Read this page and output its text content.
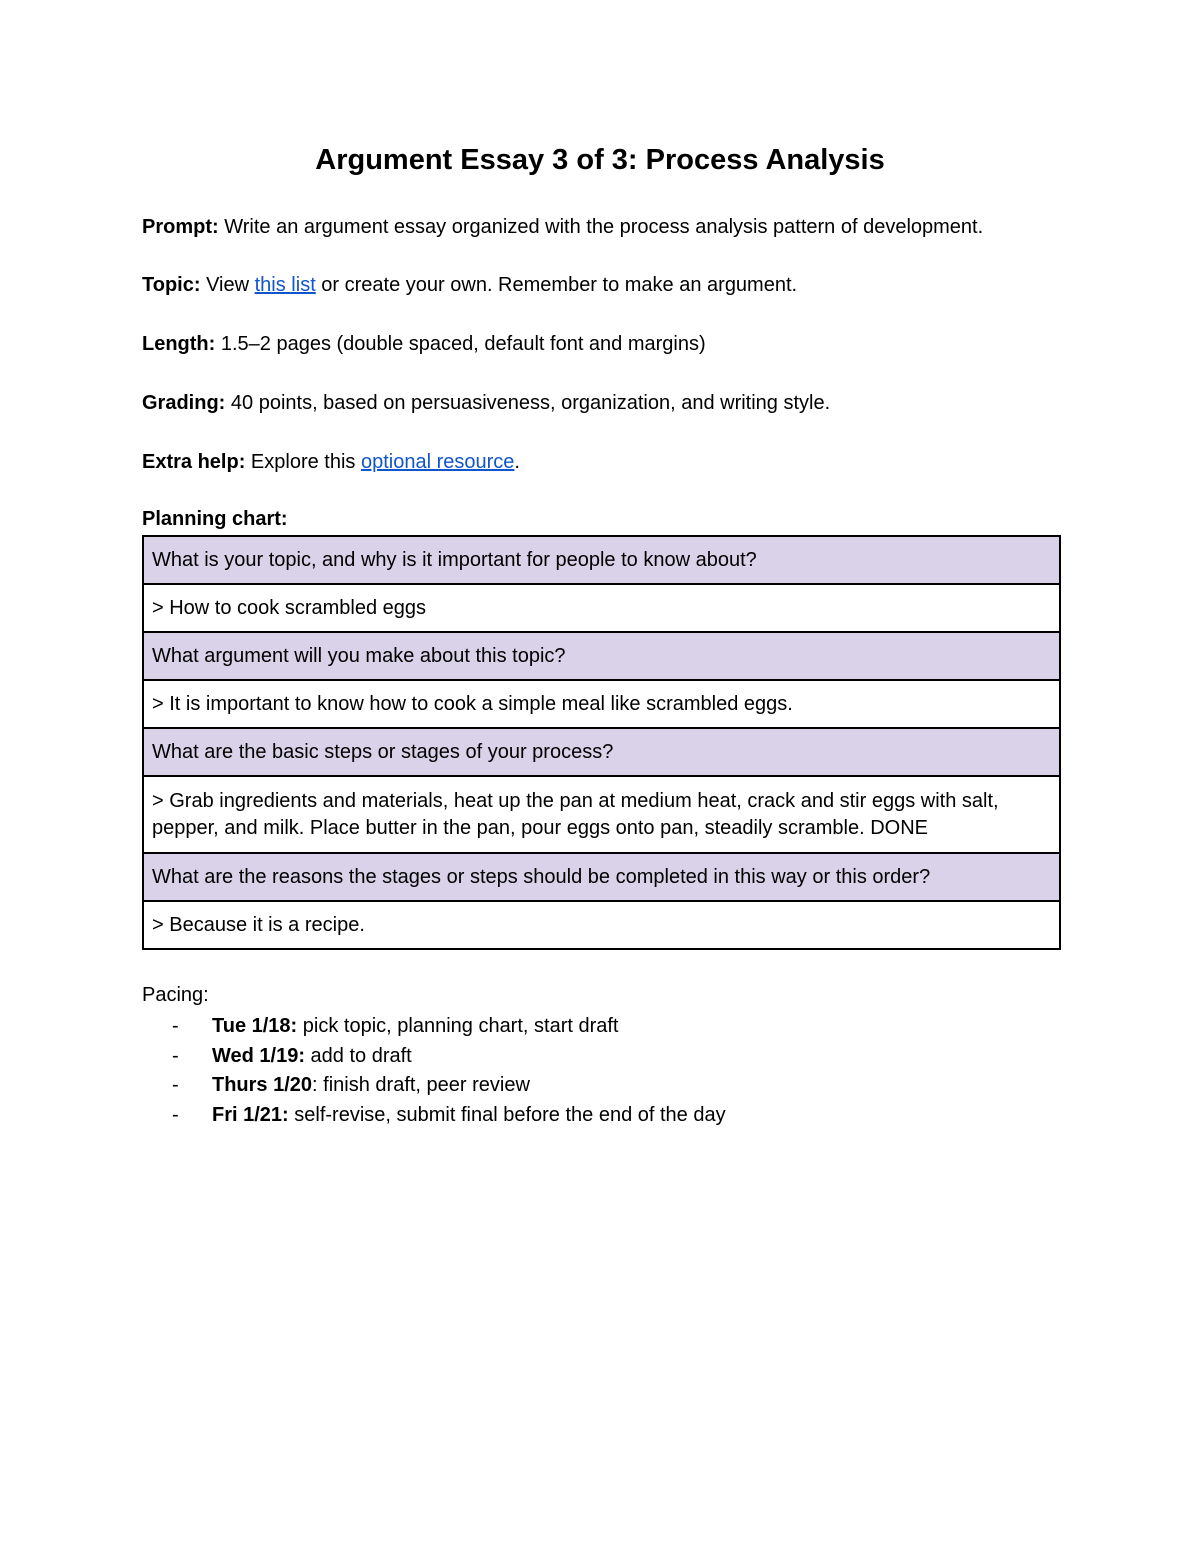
Argument Essay 3 of 3: Process Analysis

Prompt: Write an argument essay organized with the process analysis pattern of development.

Topic: View this list or create your own. Remember to make an argument.

Length: 1.5–2 pages (double spaced, default font and margins)

Grading: 40 points, based on persuasiveness, organization, and writing style.

Extra help: Explore this optional resource.

Planning chart:

What is your topic, and why is it important for people to know about?
> How to cook scrambled eggs
What argument will you make about this topic?
> It is important to know how to cook a simple meal like scrambled eggs.
What are the basic steps or stages of your process?
> Grab ingredients and materials, heat up the pan at medium heat, crack and stir eggs with salt, pepper, and milk. Place butter in the pan, pour eggs onto pan, steadily scramble. DONE
What are the reasons the stages or steps should be completed in this way or this order?
> Because it is a recipe.

Pacing:

- Tue 1/18: pick topic, planning chart, start draft
- Wed 1/19: add to draft
- Thurs 1/20: finish draft, peer review
- Fri 1/21: self-revise, submit final before the end of the day
